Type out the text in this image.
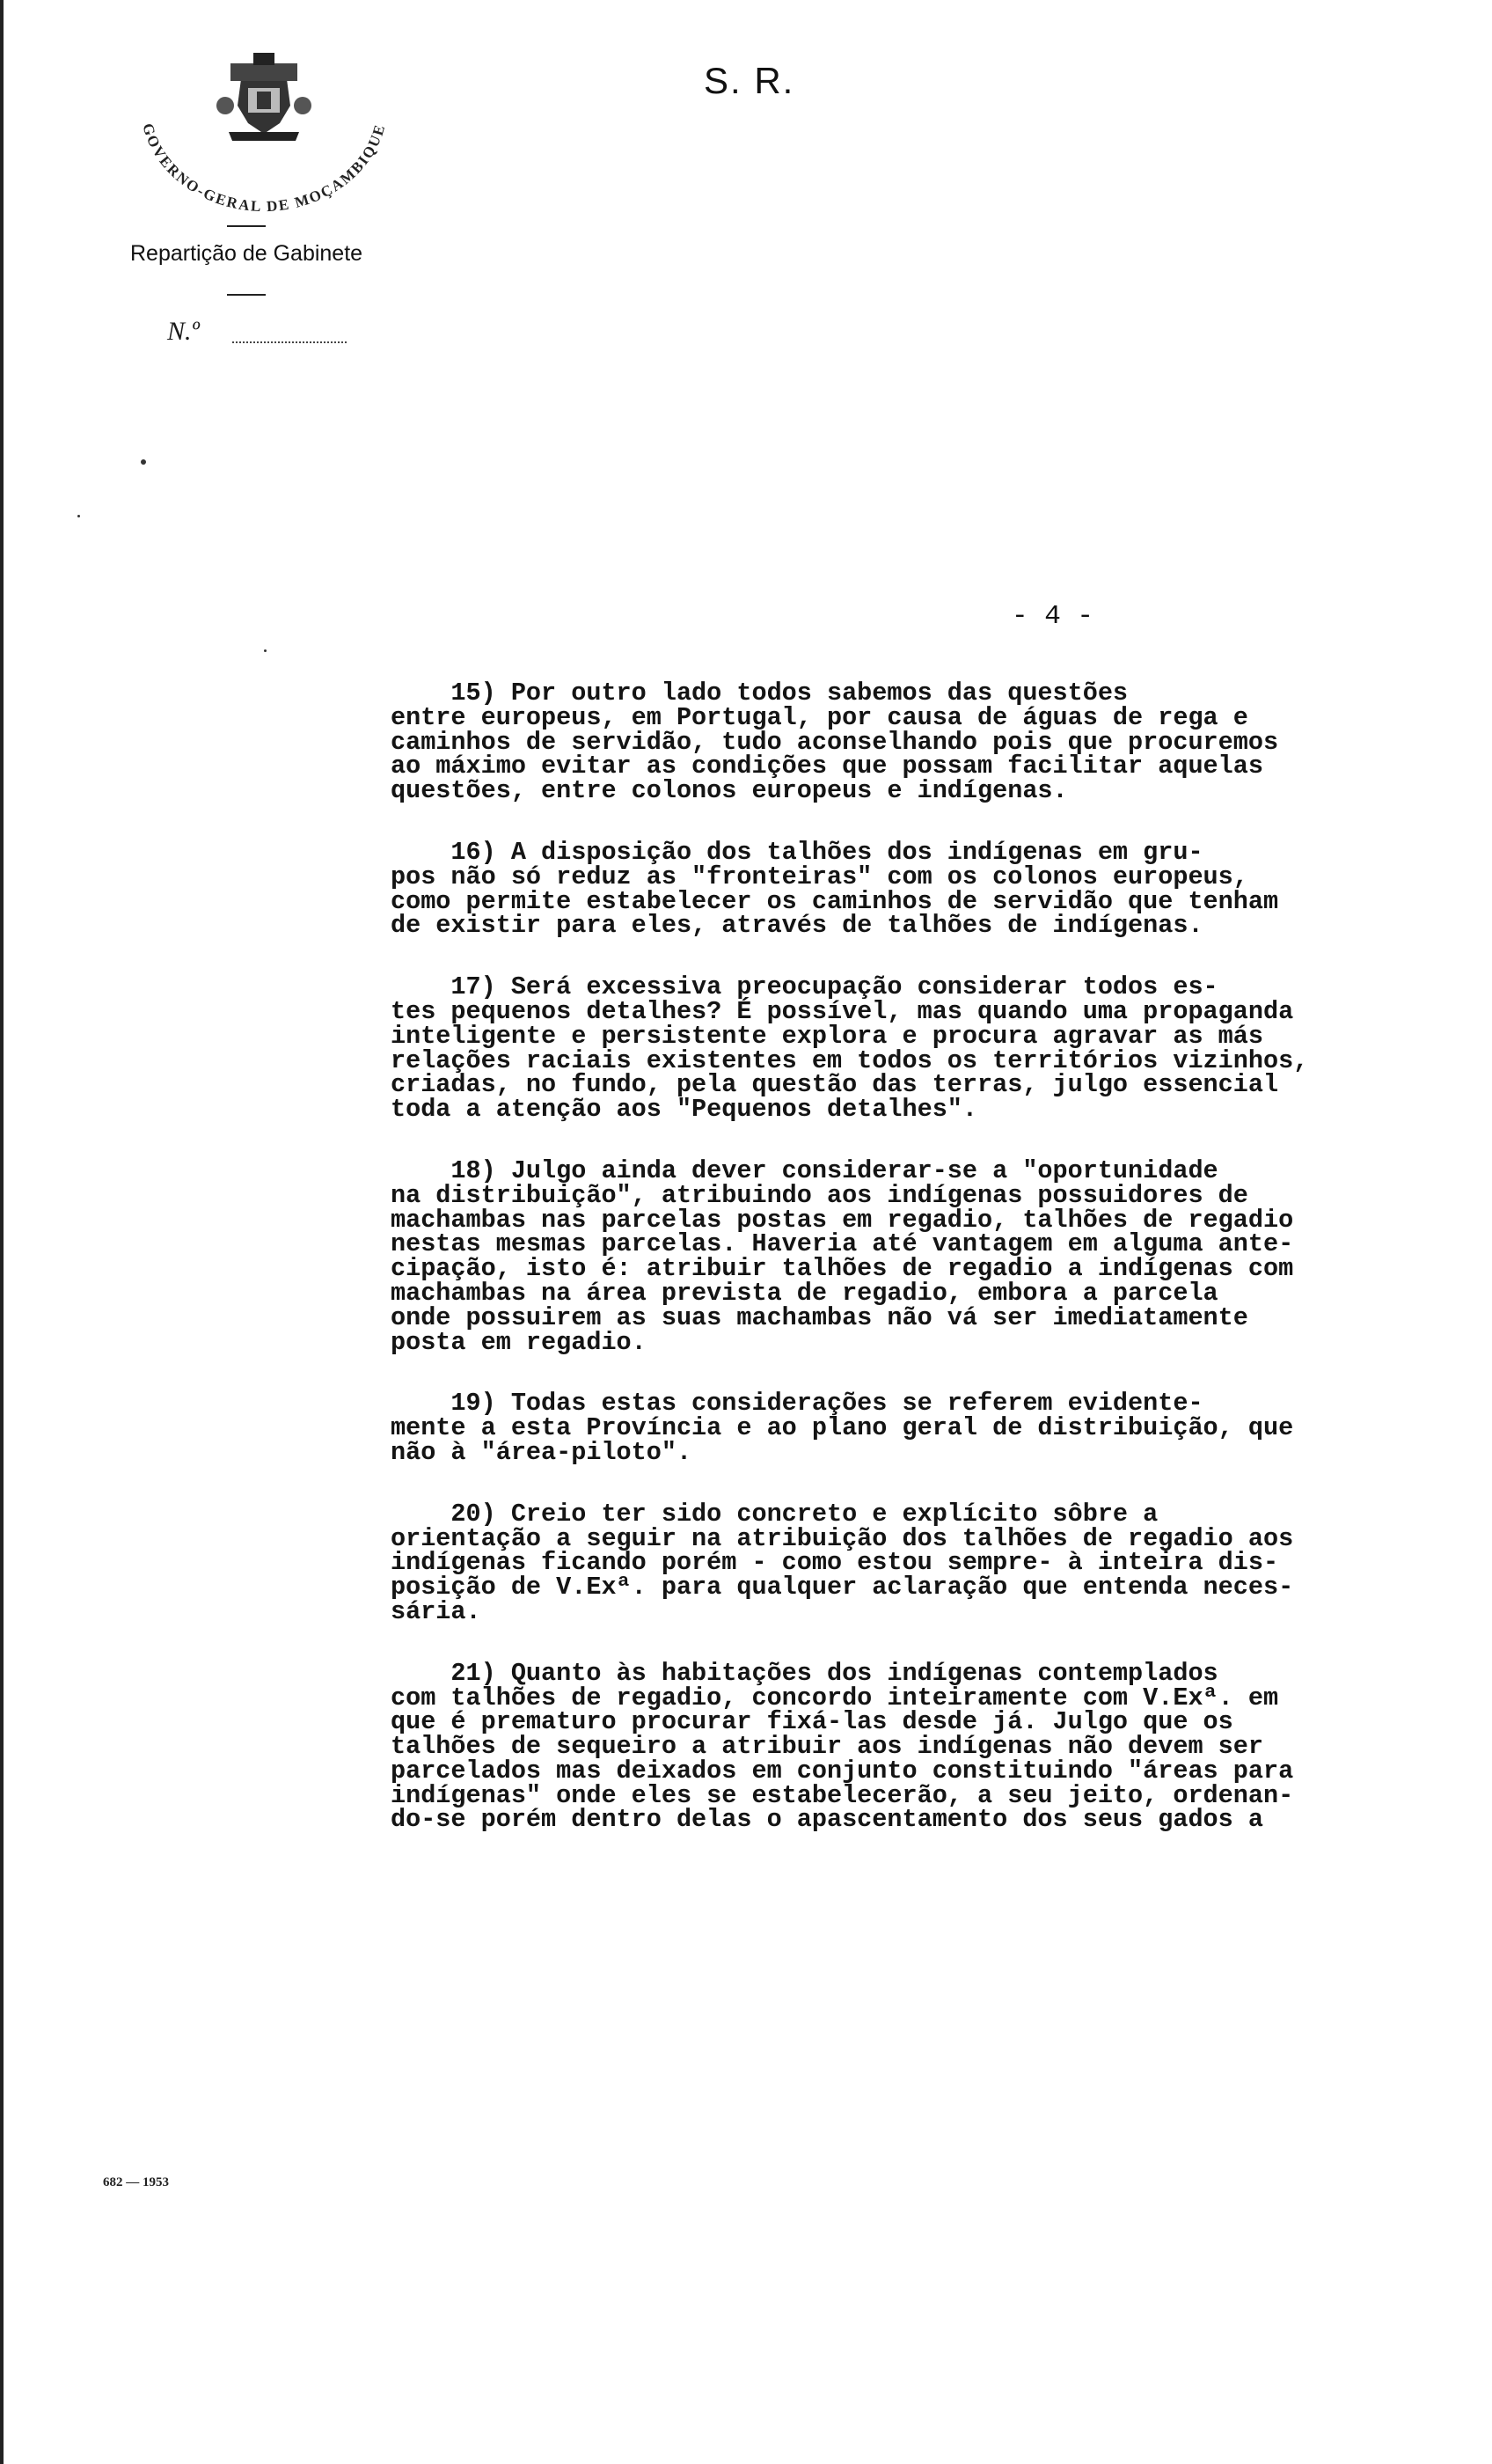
GOVERNO-GERAL DE MOÇAMBIQUE
S. R.
Repartição de Gabinete
N.º
- 4 -

15) Por outro lado todos sabemos das questões
entre europeus, em Portugal, por causa de águas de rega e
caminhos de servidão, tudo aconselhando pois que procuremos
ao máximo evitar as condições que possam facilitar aquelas
questões, entre colonos europeus e indígenas.

16) A disposição dos talhões dos indígenas em gru-
pos não só reduz as "fronteiras" com os colonos europeus,
como permite estabelecer os caminhos de servidão que tenham
de existir para eles, através de talhões de indígenas.

17) Será excessiva preocupação considerar todos es-
tes pequenos detalhes? É possível, mas quando uma propaganda
inteligente e persistente explora e procura agravar as más
relações raciais existentes em todos os territórios vizinhos,
criadas, no fundo, pela questão das terras, julgo essencial
toda a atenção aos "Pequenos detalhes".

18) Julgo ainda dever considerar-se a "oportunidade
na distribuição", atribuindo aos indígenas possuidores de
machambas nas parcelas postas em regadio, talhões de regadio
nestas mesmas parcelas. Haveria até vantagem em alguma ante-
cipação, isto é: atribuir talhões de regadio a indígenas com
machambas na área prevista de regadio, embora a parcela
onde possuirem as suas machambas não vá ser imediatamente
posta em regadio.

19) Todas estas considerações se referem evidente-
mente a esta Província e ao plano geral de distribuição, que
não à "área-piloto".

20) Creio ter sido concreto e explícito sôbre a
orientação a seguir na atribuição dos talhões de regadio aos
indígenas ficando porém - como estou sempre- à inteira dis-
posição de V.Exª. para qualquer aclaração que entenda neces-
sária.

21) Quanto às habitações dos indígenas contemplados
com talhões de regadio, concordo inteiramente com V.Exª. em
que é prematuro procurar fixá-las desde já. Julgo que os
talhões de sequeiro a atribuir aos indígenas não devem ser
parcelados mas deixados em conjunto constituindo "áreas para
indígenas" onde eles se estabelecerão, a seu jeito, ordenan-
do-se porém dentro delas o apascentamento dos seus gados a

682 — 1953
